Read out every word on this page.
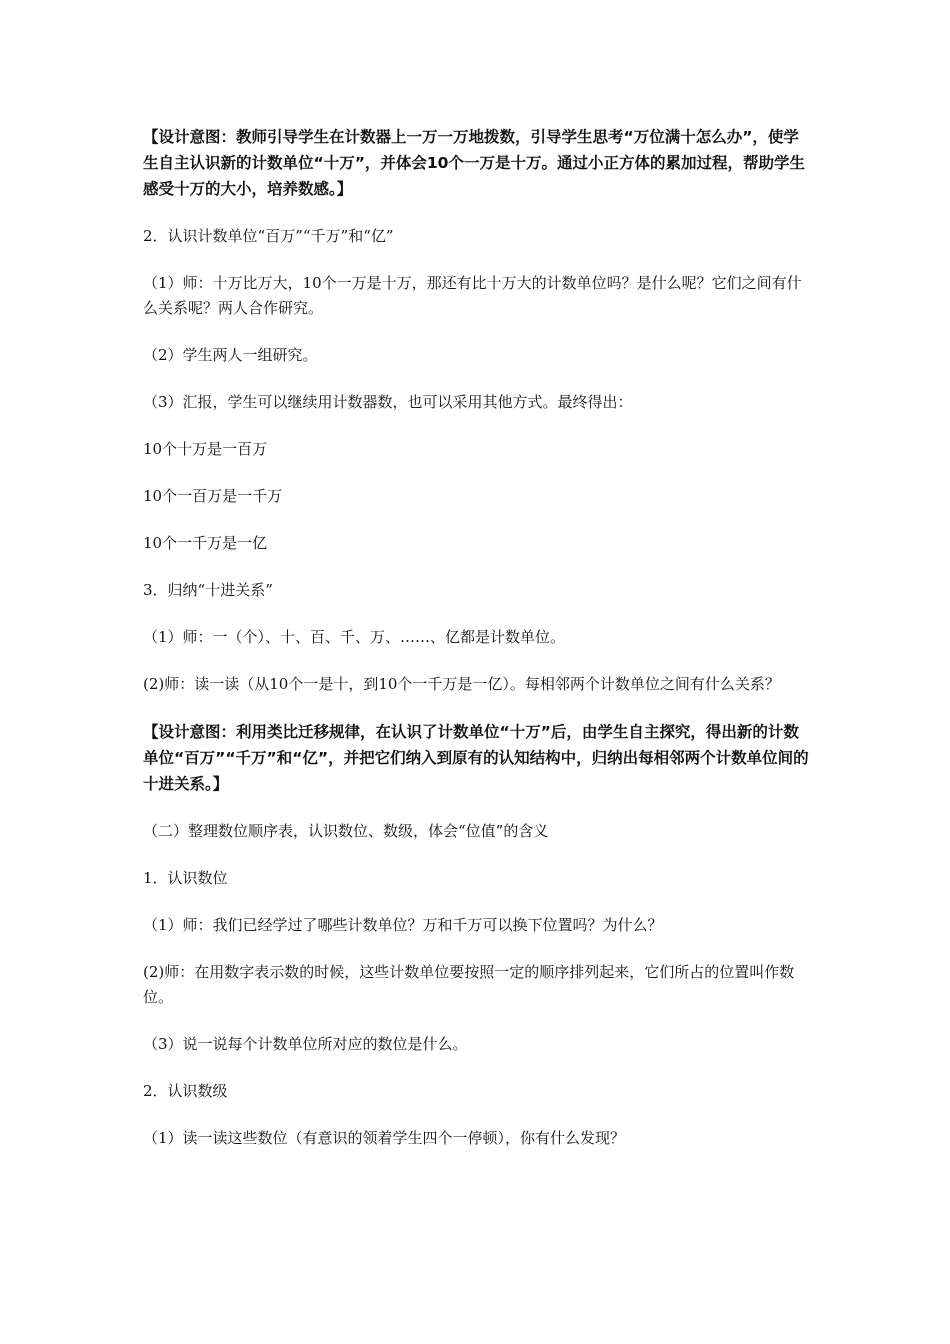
【设计意图：教师引导学生在计数器上一万一万地拨数，引导学生思考“万位满十怎么办”，使学生自主认识新的计数单位“十万”，并体会10个一万是十万。通过小正方体的累加过程，帮助学生感受十万的大小，培养数感。】

2．认识计数单位“百万”“千万”和“亿”

（1）师：十万比万大，10个一万是十万，那还有比十万大的计数单位吗？是什么呢？它们之间有什么关系呢？两人合作研究。

（2）学生两人一组研究。

（3）汇报，学生可以继续用计数器数，也可以采用其他方式。最终得出：

10个十万是一百万

10个一百万是一千万

10个一千万是一亿

3．归纳“十进关系”

（1）师：一（个）、十、百、千、万、……、亿都是计数单位。

(2)师：读一读（从10个一是十，到10个一千万是一亿）。每相邻两个计数单位之间有什么关系？

【设计意图：利用类比迁移规律，在认识了计数单位“十万”后，由学生自主探究，得出新的计数单位“百万”“千万”和“亿”，并把它们纳入到原有的认知结构中，归纳出每相邻两个计数单位间的十进关系。】

（二）整理数位顺序表，认识数位、数级，体会“位值”的含义

1．认识数位

（1）师：我们已经学过了哪些计数单位？万和千万可以换下位置吗？为什么？

(2)师：在用数字表示数的时候，这些计数单位要按照一定的顺序排列起来，它们所占的位置叫作数位。

（3）说一说每个计数单位所对应的数位是什么。

2．认识数级

（1）读一读这些数位（有意识的领着学生四个一停顿），你有什么发现？
